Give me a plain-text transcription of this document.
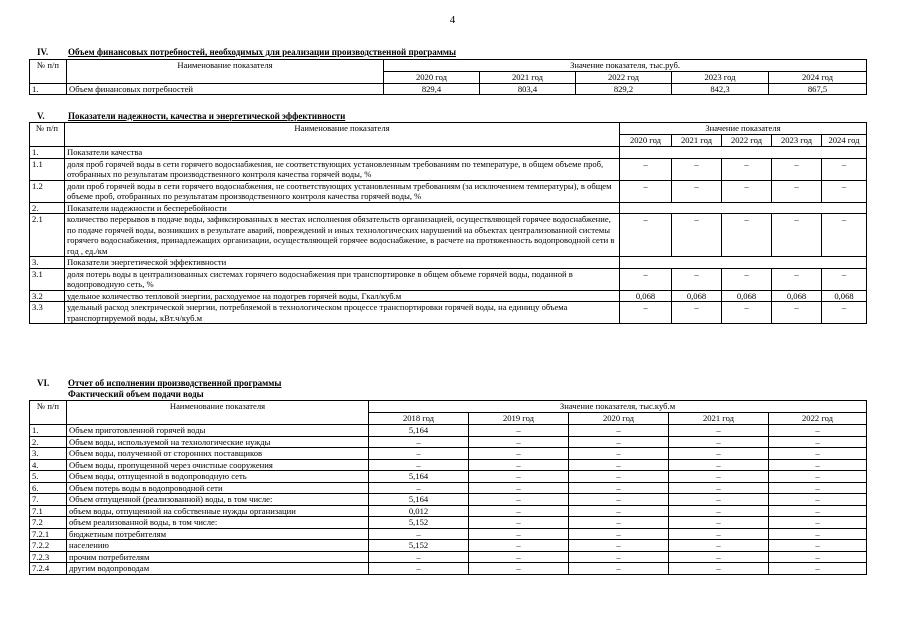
4
IV. Объем финансовых потребностей, необходимых для реализации производственной программы
№ п/п	Наименование показателя	Значение показателя, тыс.руб.				
		2020 год	2021 год	2022 год	2023 год	2024 год
1.	Объем финансовых потребностей	829,4	803,4	829,2	842,3	867,5
V.	Показатели надежности, качества и энергетической эффективности
№ п/п	Наименование показателя	Значение показателя				
		2020 год	2021 год	2022 год	2023 год	2024 год
1.	Показатели качества					
1.1	доля проб горячей воды в сети горячего водоснабжения, не соответствующих установленным требованиям по температуре, в общем объеме проб, отобранных по результатам производственного контроля качества горячей воды, %	–	–	–	–	–
1.2	доли проб горячей воды в сети горячего водоснабжения, не соответствующих установленным требованиям (за исключением температуры), в общем объеме проб, отобранных по результатам производственного контроля качества горячей воды, %	–	–	–	–	–
2.	Показатели надежности и бесперебойности					
2.1	количество перерывов в подаче воды, зафиксированных в местах исполнения обязательств организацией, осуществляющей горячее водоснабжение, по подаче горячей воды, возникших в результате аварий, повреждений и иных технологических нарушений на объектах централизованной системы горячего водоснабжения, принадлежащих организации, осуществляющей горячее водоснабжение, в расчете на протяженность водопроводной сети в год , ед./км	–	–	–	–	–
3.	Показатели энергетической эффективности					
3.1	доля потерь воды в централизованных системах горячего водоснабжения при транспортировке в общем объеме горячей воды, поданной в водопроводную сеть, %	–	–	–	–	–
3.2	удельное количество тепловой энергии, расходуемое на подогрев горячей воды, Гкал/куб.м	0,068	0,068	0,068	0,068	0,068
3.3	удельный расход электрической энергии, потребляемой в технологическом процессе транспортировки горячей воды, на единицу объема транспортируемой воды, кВт.ч/куб.м	–	–	–	–	–
VI. Отчет об исполнении производственной программы
Фактический объем подачи воды
№ п/п	Наименование показателя	Значение показателя, тыс.куб.м				
		2018 год	2019 год	2020 год	2021 год	2022 год
1.	Объем приготовленной горячей воды	5,164	–	–	–	–
2.	Объем воды, используемой на технологические нужды	–	–	–	–	–
3.	Объем воды, полученной от сторонних поставщиков	–	–	–	–	–
4.	Объем воды, пропущенной через очистные сооружения	–	–	–	–	–
5.	Объем воды, отпущенной в водопроводную сеть	5,164	–	–	–	–
6.	Объем потерь воды в водопроводной сети	–	–	–	–	–
7.	Объем отпущенной (реализованной) воды, в том числе:	5,164	–	–	–	–
7.1	объем воды, отпущенной на собственные нужды организации	0,012	–	–	–	–
7.2	объем реализованной воды, в том числе:	5,152	–	–	–	–
7.2.1	бюджетным потребителям	–	–	–	–	–
7.2.2	населению	5,152	–	–	–	–
7.2.3	прочим потребителям	–	–	–	–	–
7.2.4	другим водопроводам	–	–	–	–	–
